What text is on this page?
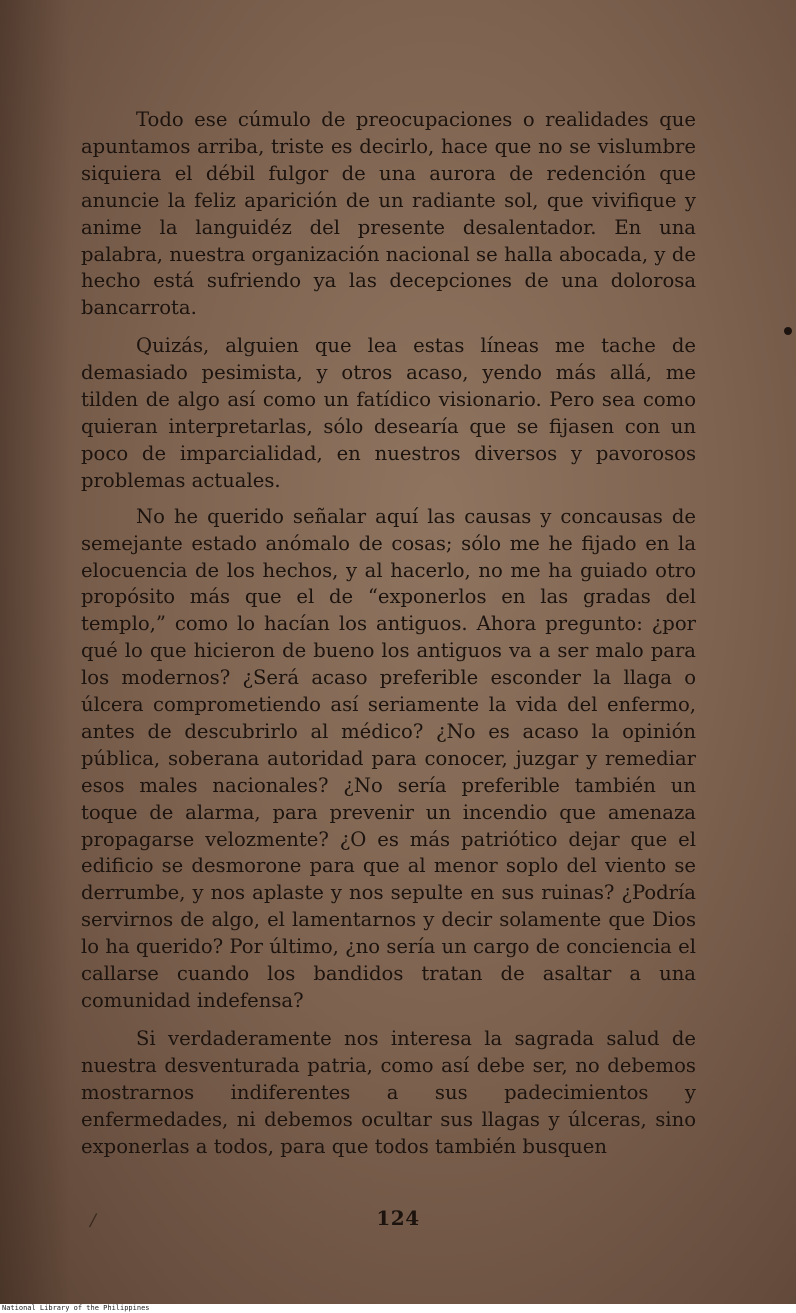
Todo ese cúmulo de preocupaciones o realidades que apuntamos arriba, triste es decirlo, hace que no se vislumbre siquiera el débil fulgor de una aurora de redención que anuncie la feliz aparición de un radiante sol, que vivifique y anime la languidéz del presente desalentador. En una palabra, nuestra organización nacional se halla abocada, y de hecho está sufriendo ya las decepciones de una dolorosa bancarrota.

Quizás, alguien que lea estas líneas me tache de demasiado pesimista, y otros acaso, yendo más allá, me tilden de algo así como un fatídico visionario. Pero sea como quieran interpretarlas, sólo desearía que se fijasen con un poco de imparcialidad, en nuestros diversos y pavorosos problemas actuales.

No he querido señalar aquí las causas y concausas de semejante estado anómalo de cosas; sólo me he fijado en la elocuencia de los hechos, y al hacerlo, no me ha guiado otro propósito más que el de “exponerlos en las gradas del templo,” como lo hacían los antiguos. Ahora pregunto: ¿por qué lo que hicieron de bueno los antiguos va a ser malo para los modernos? ¿Será acaso preferible esconder la llaga o úlcera comprometiendo así seriamente la vida del enfermo, antes de descubrirlo al médico? ¿No es acaso la opinión pública, soberana autoridad para conocer, juzgar y remediar esos males nacionales? ¿No sería preferible también un toque de alarma, para prevenir un incendio que amenaza propagarse velozmente? ¿O es más patriótico dejar que el edificio se desmorone para que al menor soplo del viento se derrumbe, y nos aplaste y nos sepulte en sus ruinas? ¿Podría servirnos de algo, el lamentarnos y decir solamente que Dios lo ha querido? Por último, ¿no sería un cargo de conciencia el callarse cuando los bandidos tratan de asaltar a una comunidad indefensa?

Si verdaderamente nos interesa la sagrada salud de nuestra desventurada patria, como así debe ser, no debemos mostrarnos indiferentes a sus padecimientos y enfermedades, ni debemos ocultar sus llagas y úlceras, sino exponerlas a todos, para que todos también busquen

/	124
National Library of the Philippines
